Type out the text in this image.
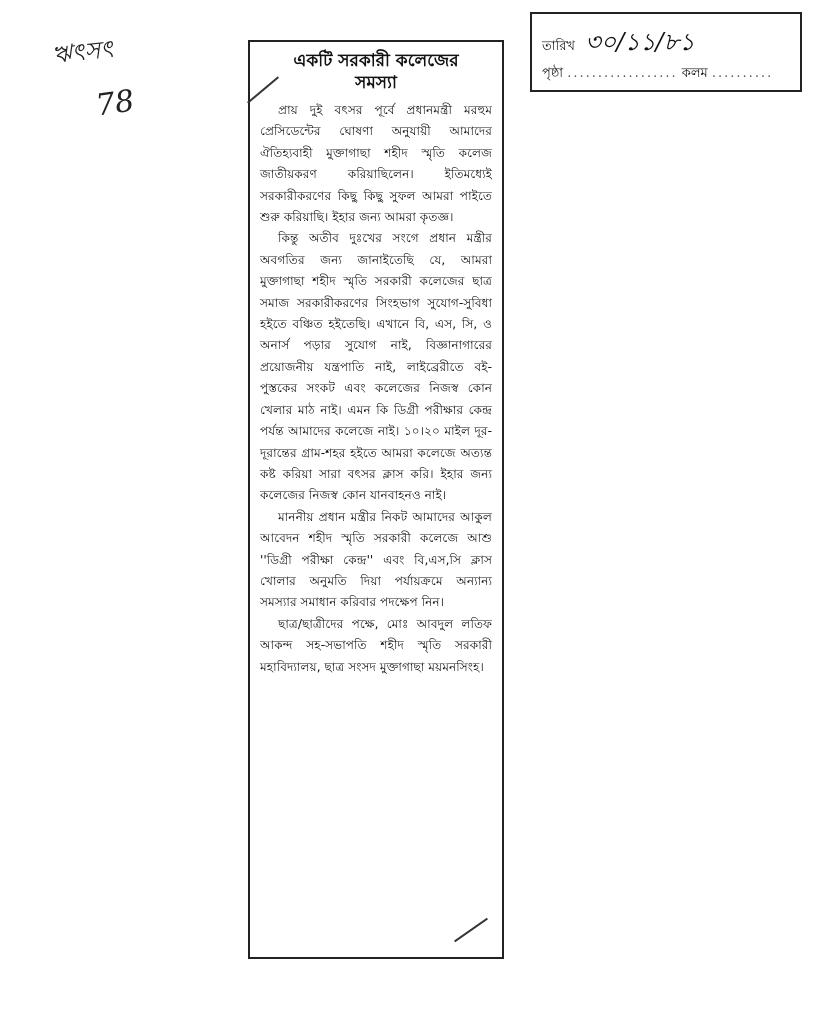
ঋৎসৎ
78
তারিখ ৩০/১১/৮১
পৃষ্ঠা .................. কলম ..........
একটি সরকারী কলেজের
সমস্যা

প্রায় দুই বৎসর পূর্বে প্রধানমন্ত্রী মরহুম প্রেসিডেন্টের ঘোষণা অনুযায়ী আমাদের ঐতিহ্যবাহী মুক্তাগাছা শহীদ স্মৃতি কলেজ জাতীয়করণ করিয়াছিলেন। ইতিমধ্যেই সরকারীকরণের কিছু কিছু সুফল আমরা পাইতে শুরু করিয়াছি। ইহার জন্য আমরা কৃতজ্ঞ।

কিন্তু অতীব দুঃখের সংগে প্রধান মন্ত্রীর অবগতির জন্য জানাইতেছি যে, আমরা মুক্তাগাছা শহীদ স্মৃতি সরকারী কলেজের ছাত্র সমাজ সরকারীকরণের সিংহভাগ সুযোগ-সুবিধা হইতে বঞ্চিত হইতেছি। এখানে বি, এস, সি, ও অনার্স পড়ার সুযোগ নাই, বিজ্ঞানাগারের প্রয়োজনীয় যন্ত্রপাতি নাই, লাইব্রেরীতে বই-পুস্তকের সংকট এবং কলেজের নিজস্ব কোন খেলার মাঠ নাই। এমন কি ডিগ্রী পরীক্ষার কেন্দ্র পর্যন্ত আমাদের কলেজে নাই। ১০।২০ মাইল দূর-দূরান্তের গ্রাম-শহর হইতে আমরা কলেজে অত্যন্ত কষ্ট করিয়া সারা বৎসর ক্লাস করি। ইহার জন্য কলেজের নিজস্ব কোন যানবাহনও নাই।

মাননীয় প্রধান মন্ত্রীর নিকট আমাদের আকুল আবেদন শহীদ স্মৃতি সরকারী কলেজে আশু ''ডিগ্রী পরীক্ষা কেন্দ্র'' এবং বি,এস,সি ক্লাস খোলার অনুমতি দিয়া পর্যায়ক্রমে অন্যান্য সমস্যার সমাধান করিবার পদক্ষেপ নিন।

ছাত্র/ছাত্রীদের পক্ষে, মোঃ আবদুল লতিফ আকন্দ সহ-সভাপতি শহীদ স্মৃতি সরকারী মহাবিদ্যালয়, ছাত্র সংসদ মুক্তাগাছা ময়মনসিংহ।
